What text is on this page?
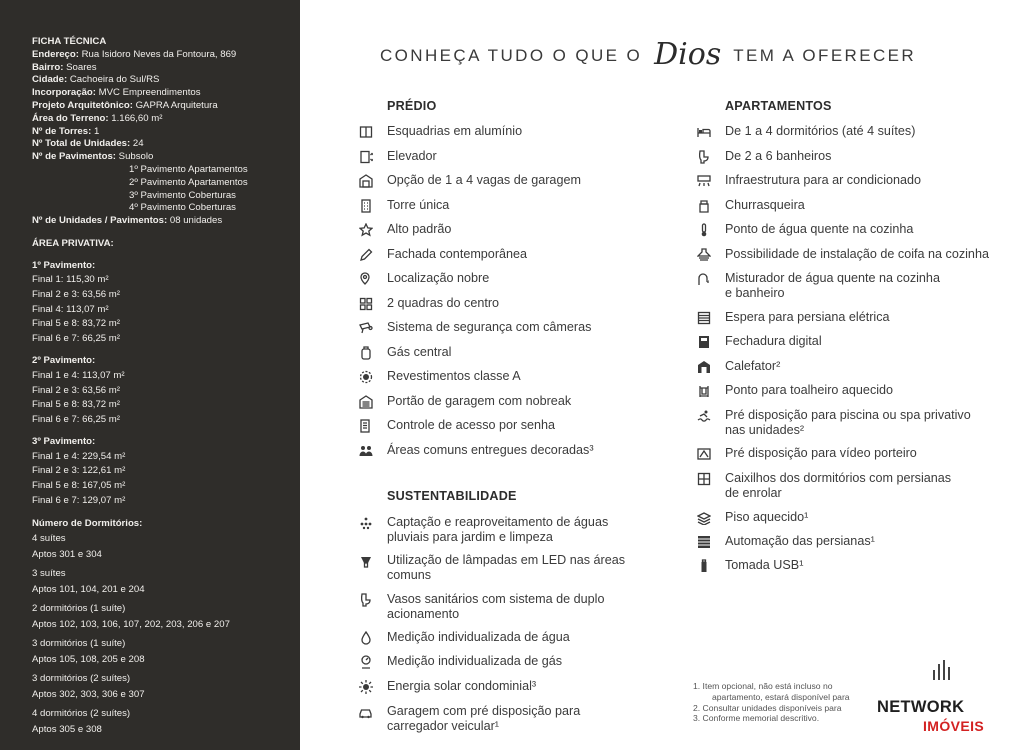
FICHA TÉCNICA
Endereço: Rua Isidoro Neves da Fontoura, 869
Bairro: Soares
Cidade: Cachoeira do Sul/RS
Incorporação: MVC Empreendimentos
Projeto Arquitetônico: GAPRA Arquitetura
Área do Terreno: 1.166,60 m²
Nº de Torres: 1
Nº Total de Unidades: 24
Nº de Pavimentos: Subsolo
1º Pavimento Apartamentos
2º Pavimento Apartamentos
3º Pavimento Coberturas
4º Pavimento Coberturas
Nº de Unidades / Pavimentos: 08 unidades
ÁREA PRIVATIVA:
1º Pavimento:
Final 1: 115,30 m²
Final 2 e 3: 63,56 m²
Final 4: 113,07 m²
Final 5 e 8: 83,72 m²
Final 6 e 7: 66,25 m²
2º Pavimento:
Final 1 e 4: 113,07 m²
Final 2 e 3: 63,56 m²
Final 5 e 8: 83,72 m²
Final 6 e 7: 66,25 m²
3º Pavimento:
Final 1 e 4: 229,54 m²
Final 2 e 3: 122,61 m²
Final 5 e 8: 167,05 m²
Final 6 e 7: 129,07 m²
Número de Dormitórios:
4 suítes
Aptos 301 e 304
3 suítes
Aptos 101, 104, 201 e 204
2 dormitórios (1 suíte)
Aptos 102, 103, 106, 107, 202, 203, 206 e 207
3 dormitórios (1 suíte)
Aptos 105, 108, 205 e 208
3 dormitórios (2 suítes)
Aptos 302, 303, 306 e 307
4 dormitórios (2 suítes)
Aptos 305 e 308
CONHEÇA TUDO O QUE O Dios TEM A OFERECER
PRÉDIO
Esquadrias em alumínio
Elevador
Opção de 1 a 4 vagas de garagem
Torre única
Alto padrão
Fachada contemporânea
Localização nobre
2 quadras do centro
Sistema de segurança com câmeras
Gás central
Revestimentos classe A
Portão de garagem com nobreak
Controle de acesso por senha
Áreas comuns entregues decoradas³
SUSTENTABILIDADE
Captação e reaproveitamento de águas
pluviais para jardim e limpeza
Utilização de lâmpadas em LED nas áreas
comuns
Vasos sanitários com sistema de duplo
acionamento
Medição individualizada de água
Medição individualizada de gás
Energia solar condominial³
Garagem com pré disposição para
carregador veicular¹
APARTAMENTOS
De 1 a 4 dormitórios (até 4 suítes)
De 2 a 6 banheiros
Infraestrutura para ar condicionado
Churrasqueira
Ponto de água quente na cozinha
Possibilidade de instalação de coifa na cozinha
Misturador de água quente na cozinha
e banheiro
Espera para persiana elétrica
Fechadura digital
Calefator²
Ponto para toalheiro aquecido
Pré disposição para piscina ou spa privativo
nas unidades²
Pré disposição para vídeo porteiro
Caixilhos dos dormitórios com persianas
de enrolar
Piso aquecido¹
Automação das persianas¹
Tomada USB¹
1. Item opcional, não está incluso no
apartamento, estará disponível para
2. Consultar unidades disponíveis para
3. Conforme memorial descritivo.
NETWORK
IMÓVEIS
